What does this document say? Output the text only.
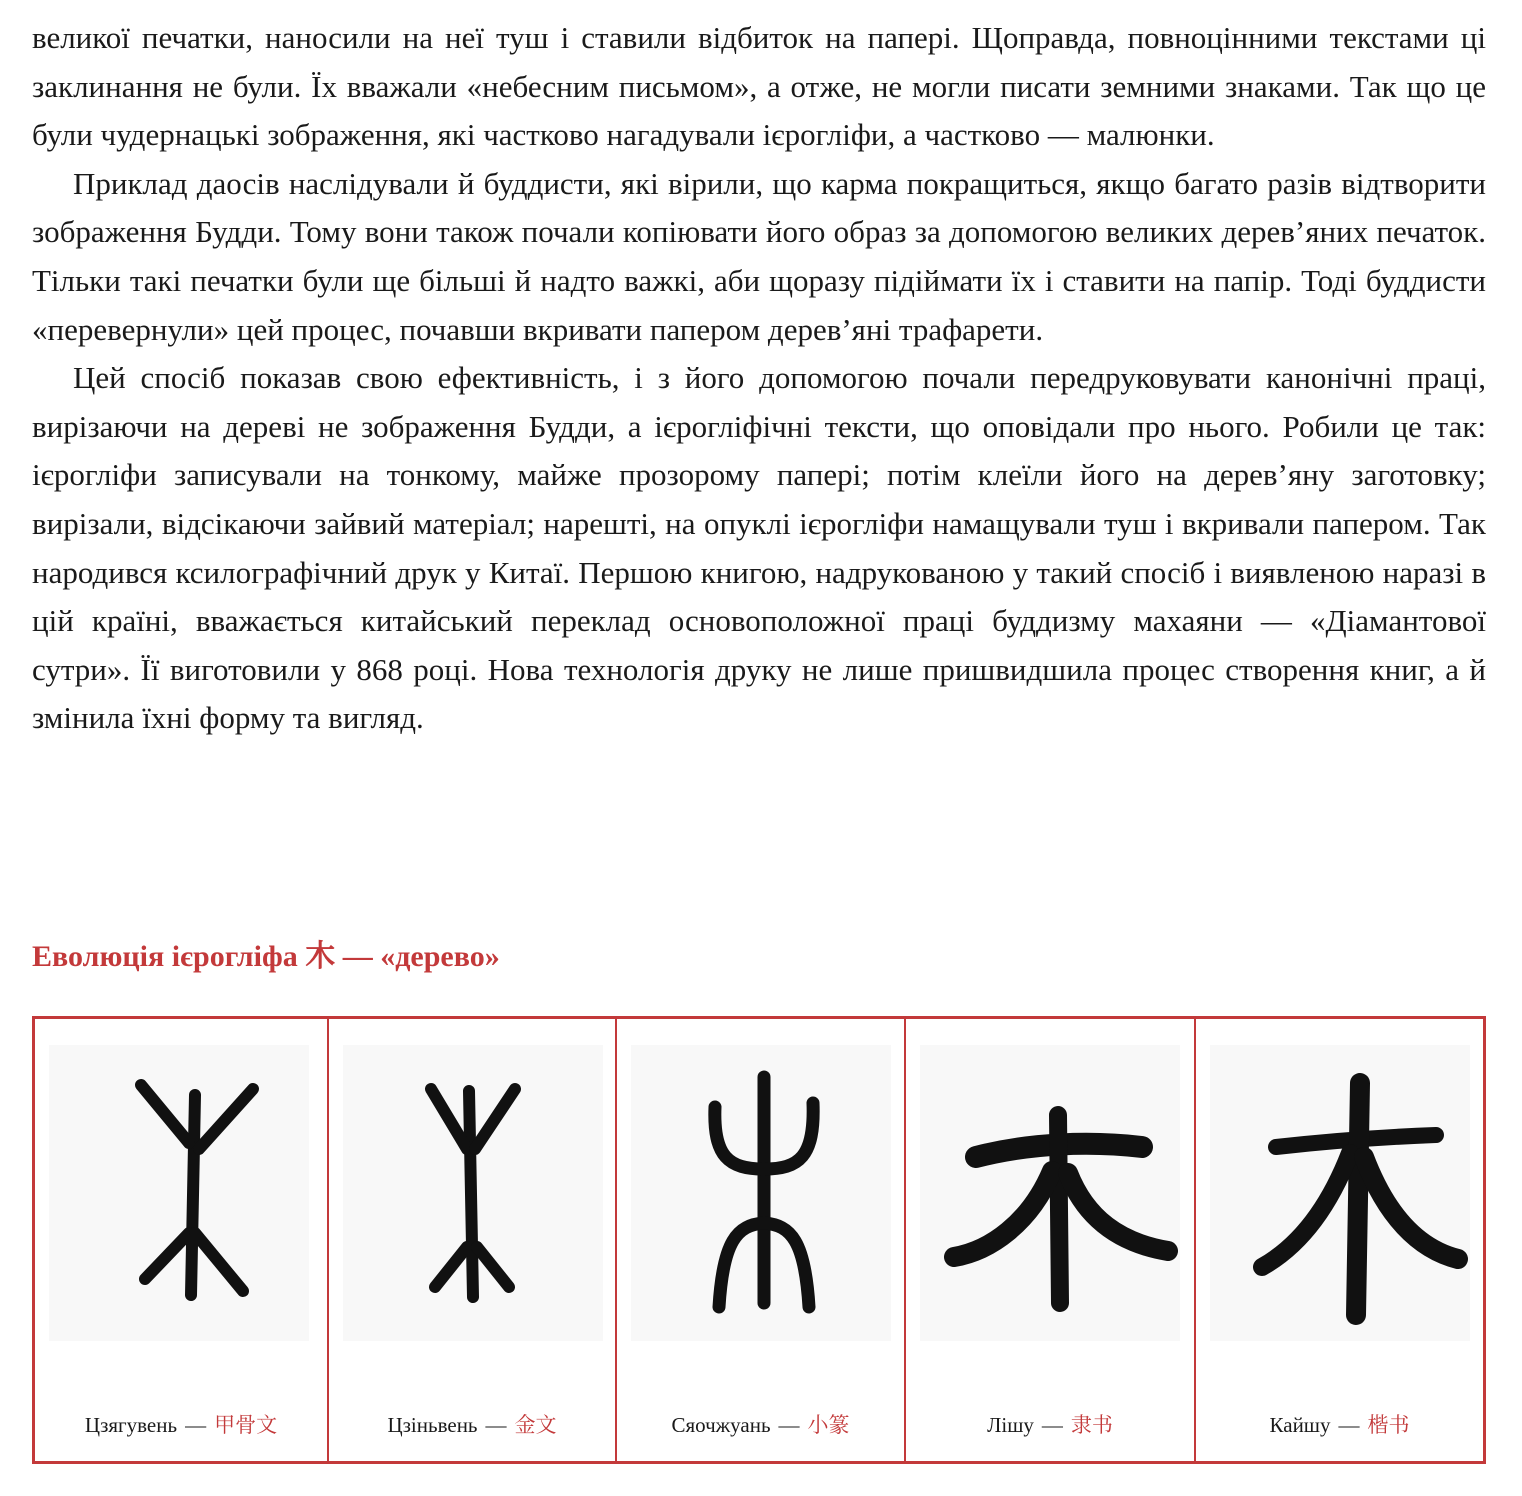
великої печатки, наносили на неї туш і ставили відбиток на папері. Щоправда, повноцінними текстами ці заклинання не були. Їх вважали «небесним письмом», а отже, не могли писати земними знаками. Так що це були чудернацькі зображення, які частково нагадували ієрогліфи, а частково — малюнки.

Приклад даосів наслідували й буддисти, які вірили, що карма покращиться, якщо багато разів відтворити зображення Будди. Тому вони також почали копіювати його образ за допомогою великих дерев’яних печаток. Тільки такі печатки були ще більші й надто важкі, аби щоразу підіймати їх і ставити на папір. Тоді буддисти «перевернули» цей процес, почавши вкривати папером дерев’яні трафарети.

Цей спосіб показав свою ефективність, і з його допомогою почали передруковувати канонічні праці, вирізаючи на дереві не зображення Будди, а ієрогліфічні тексти, що оповідали про нього. Робили це так: ієрогліфи записували на тонкому, майже прозорому папері; потім клеїли його на дерев’яну заготовку; вирізали, відсікаючи зайвий матеріал; нарешті, на опуклі ієрогліфи намащували туш і вкривали папером. Так народився ксилографічний друк у Китаї. Першою книгою, надрукованою у такий спосіб і виявленою наразі в цій країні, вважається китайський переклад основоположної праці буддизму махаяни — «Діамантової сутри». Її виготовили у 868 році. Нова технологія друку не лише пришвидшила процес створення книг, а й змінила їхні форму та вигляд.

Еволюція ієрогліфа 木 — «дерево»
Цзягувень — 甲骨文	Цзіньвень — 金文	Сяочжуань — 小篆	Лішу — 隶书	Кайшу — 楷书
